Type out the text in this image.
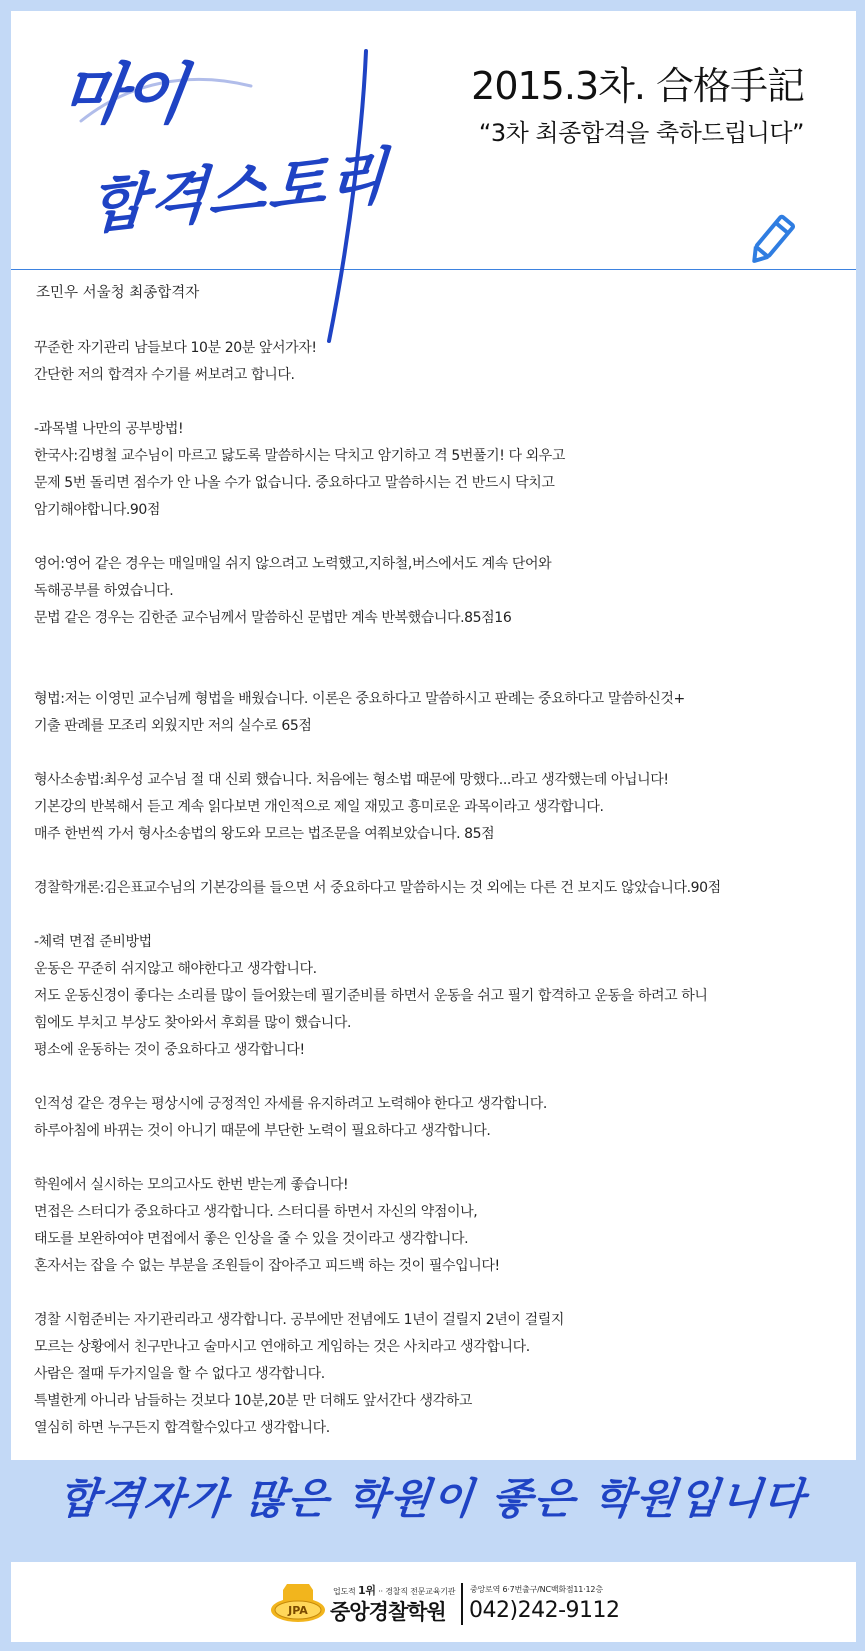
마이
합격스토리
2015.3차. 合格手記
“3차 최종합격을 축하드립니다”
조민우 서울청 최종합격자
꾸준한 자기관리 남들보다 10분 20분 앞서가자!
간단한 저의 합격자 수기를 써보려고 합니다.
-과목별 나만의 공부방법!
한국사:김병철 교수님이 마르고 닳도록 말씀하시는 닥치고 암기하고 격 5번풀기! 다 외우고
문제 5번 돌리면 점수가 안 나올 수가 없습니다. 중요하다고 말씀하시는 건 반드시 닥치고
암기해야합니다.90점
영어:영어 같은 경우는 매일매일 쉬지 않으려고 노력했고,지하철,버스에서도 계속 단어와
독해공부를 하였습니다.
문법 같은 경우는 김한준 교수님께서 말씀하신 문법만 계속 반복했습니다.85점16
형법:저는 이영민 교수님께 형법을 배웠습니다. 이론은 중요하다고 말씀하시고 판례는 중요하다고 말씀하신것+
기출 판례를 모조리 외웠지만 저의 실수로 65점
형사소송법:최우성 교수님 절 대 신뢰 했습니다. 처음에는 형소법 때문에 망했다...라고 생각했는데 아닙니다!
기본강의 반복해서 듣고 계속 읽다보면 개인적으로 제일 재밌고 흥미로운 과목이라고 생각합니다.
매주 한번씩 가서 형사소송법의 왕도와 모르는 법조문을 여쭤보았습니다. 85점
경찰학개론:김은표교수님의 기본강의를 들으면 서 중요하다고 말씀하시는 것 외에는 다른 건 보지도 않았습니다.90점
-체력 면접 준비방법
운동은 꾸준히 쉬지않고 해야한다고 생각합니다.
저도 운동신경이 좋다는 소리를 많이 들어왔는데 필기준비를 하면서 운동을 쉬고 필기 합격하고 운동을 하려고 하니
힘에도 부치고 부상도 찾아와서 후회를 많이 했습니다.
평소에 운동하는 것이 중요하다고 생각합니다!
인적성 같은 경우는 평상시에 긍정적인 자세를 유지하려고 노력해야 한다고 생각합니다.
하루아침에 바뀌는 것이 아니기 때문에 부단한 노력이 필요하다고 생각합니다.
학원에서 실시하는 모의고사도 한번 받는게 좋습니다!
면접은 스터디가 중요하다고 생각합니다. 스터디를 하면서 자신의 약점이나,
태도를 보완하여야 면접에서 좋은 인상을 줄 수 있을 것이라고 생각합니다.
혼자서는 잡을 수 없는 부분을 조원들이 잡아주고 피드백 하는 것이 필수입니다!
경찰 시험준비는 자기관리라고 생각합니다. 공부에만 전념에도 1년이 걸릴지 2년이 걸릴지
모르는 상황에서 친구만나고 술마시고 연애하고 게임하는 것은 사치라고 생각합니다.
사람은 절때 두가지일을 할 수 없다고 생각합니다.
특별한게 아니라 남들하는 것보다 10분,20분 만 더해도 앞서간다 생각하고
열심히 하면 누구든지 합격할수있다고 생각합니다.
합격자가 많은 학원이 좋은 학원입니다
JPA
업도적 1위 ·· 경찰직 전문교육기관
중앙경찰학원
중앙로역 6·7번출구/NC백화점11·12층
042)242-9112
